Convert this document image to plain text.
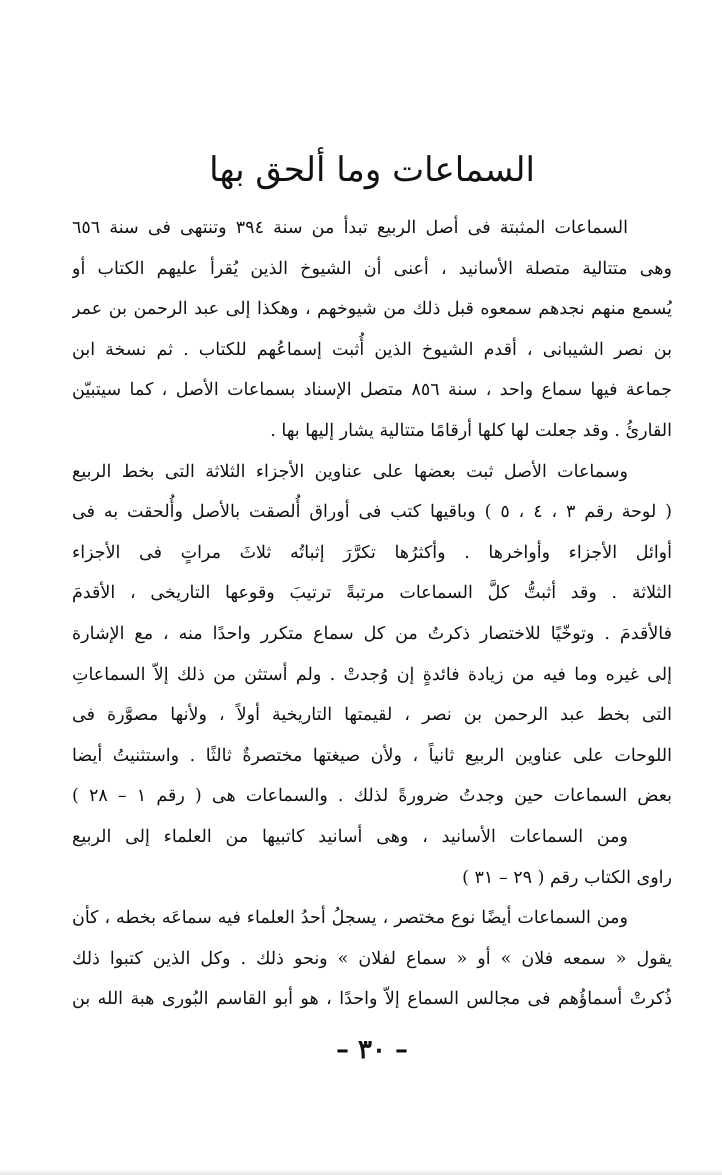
السماعات وما ألحق بها
السماعات المثبتة فى أصل الربيع تبدأ من سنة ٣٩٤ وتنتهى فى سنة ٦٥٦
وهى متتالية متصلة الأسانيد ، أعنى أن الشيوخ الذين يُقرأ عليهم الكتاب أو
يُسمع منهم نجدهم سمعوه قبل ذلك من شيوخهم ، وهكذا إلى عبد الرحمن بن عمر
بن نصر الشيبانى ، أقدم الشيوخ الذين أُثبت إسماعُهم للكتاب . ثم نسخة ابن
جماعة فيها سماع واحد ، سنة ٨٥٦ متصل الإسناد بسماعات الأصل ، كما سيتبيّن
القارئُ . وقد جعلت لها كلها أرقامًا متتالية يشار إليها بها .
وسماعات الأصل ثبت بعضها على عناوين الأجزاء الثلاثة التى بخط الربيع
( لوحة رقم ٣ ، ٤ ، ٥ ) وباقيها كتب فى أوراق أُلصقت بالأصل وأُلحقت به فى
أوائل الأجزاء وأواخرها . وأكثرُها تكرَّرَ إثباتُه ثلاثَ مراتٍ فى الأجزاء
الثلاثة . وقد أثبتُّ كلَّ السماعات مرتبةً ترتيبَ وقوعها التاريخى ، الأقدمَ
فالأقدمَ . وتوخّيًا للاختصار ذكرتُ من كل سماع متكرر واحدًا منه ، مع الإشارة
إلى غيره وما فيه من زيادة فائدةٍ إن وُجدتْ . ولم أستثن من ذلك إلاّ السماعاتِ
التى بخط عبد الرحمن بن نصر ، لقيمتها التاريخية أولاً ، ولأنها مصوَّرة فى
اللوحات على عناوين الربيع ثانياً ، ولأن صيغتها مختصرةٌ ثالثًا . واستثنيتُ أيضا
بعض السماعات حين وجدتُ ضرورةً لذلك . والسماعات هى ( رقم ١ – ٢٨ )
ومن السماعات الأسانيد ، وهى أسانيد كاتبيها من العلماء إلى الربيع
راوى الكتاب رقم ( ٢٩ – ٣١ )
ومن السماعات أيضًا نوع مختصر ، يسجلُ أحدُ العلماء فيه سماعَه بخطه ، كأن
يقول « سمعه فلان » أو « سماع لفلان » ونحو ذلك . وكل الذين كتبوا ذلك
ذُكرتْ أسماؤُهم فى مجالس السماع إلاّ واحدًا ، هو أبو القاسم البُورى هبة الله بن
– ٣٠ –
